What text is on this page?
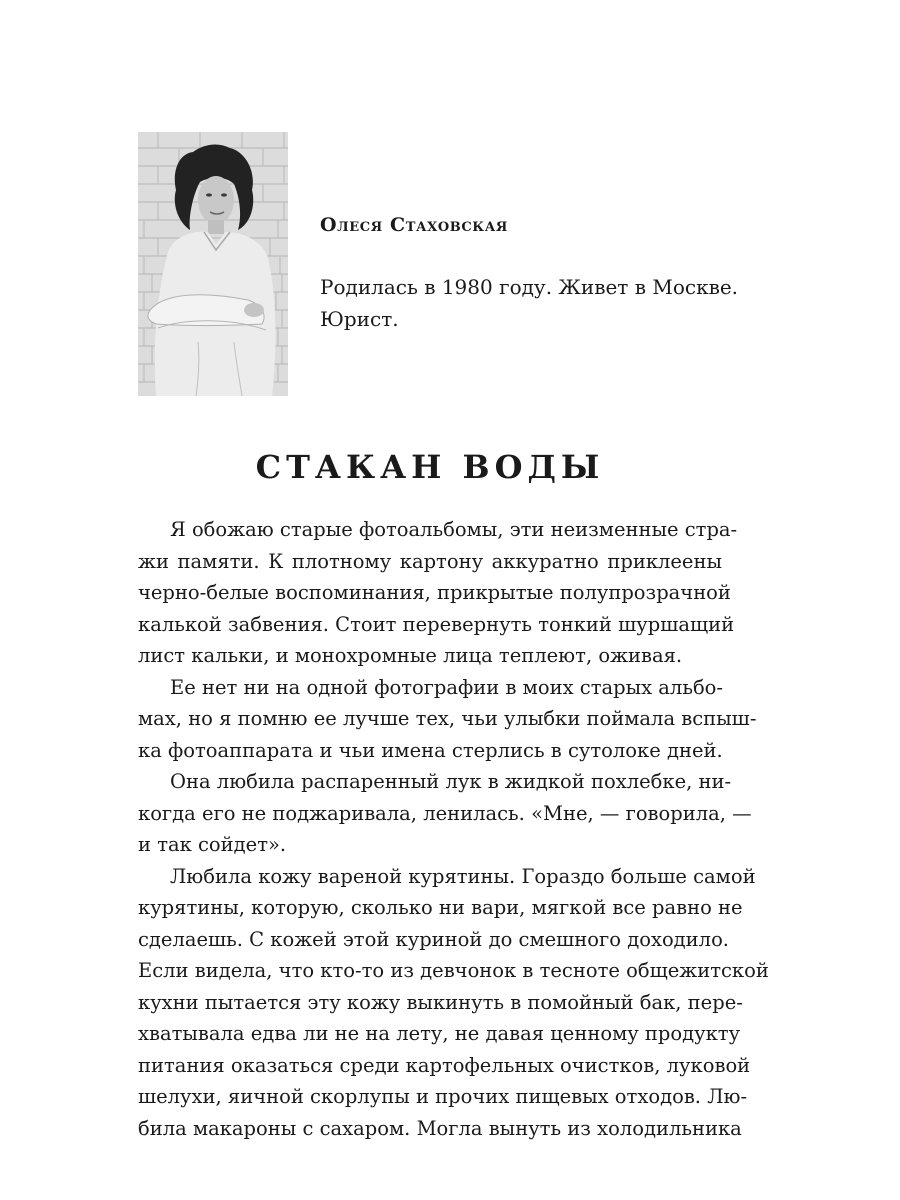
Олеся Стаховская
Родилась в 1980 году. Живет в Москве.
Юрист.
СТАКАН ВОДЫ
Я обожаю старые фотоальбомы, эти неизменные стра-
жи памяти. К плотному картону аккуратно приклеены
черно-белые воспоминания, прикрытые полупрозрачной
калькой забвения. Стоит перевернуть тонкий шуршащий
лист кальки, и монохромные лица теплеют, оживая.
Ее нет ни на одной фотографии в моих старых альбо-
мах, но я помню ее лучше тех, чьи улыбки поймала вспыш-
ка фотоаппарата и чьи имена стерлись в сутолоке дней.
Она любила распаренный лук в жидкой похлебке, ни-
когда его не поджаривала, ленилась. «Мне, — говорила, —
и так сойдет».
Любила кожу вареной курятины. Гораздо больше самой
курятины, которую, сколько ни вари, мягкой все равно не
сделаешь. С кожей этой куриной до смешного доходило.
Если видела, что кто-то из девчонок в тесноте общежитской
кухни пытается эту кожу выкинуть в помойный бак, пере-
хватывала едва ли не на лету, не давая ценному продукту
питания оказаться среди картофельных очистков, луковой
шелухи, яичной скорлупы и прочих пищевых отходов. Лю-
била макароны с сахаром. Могла вынуть из холодильника
